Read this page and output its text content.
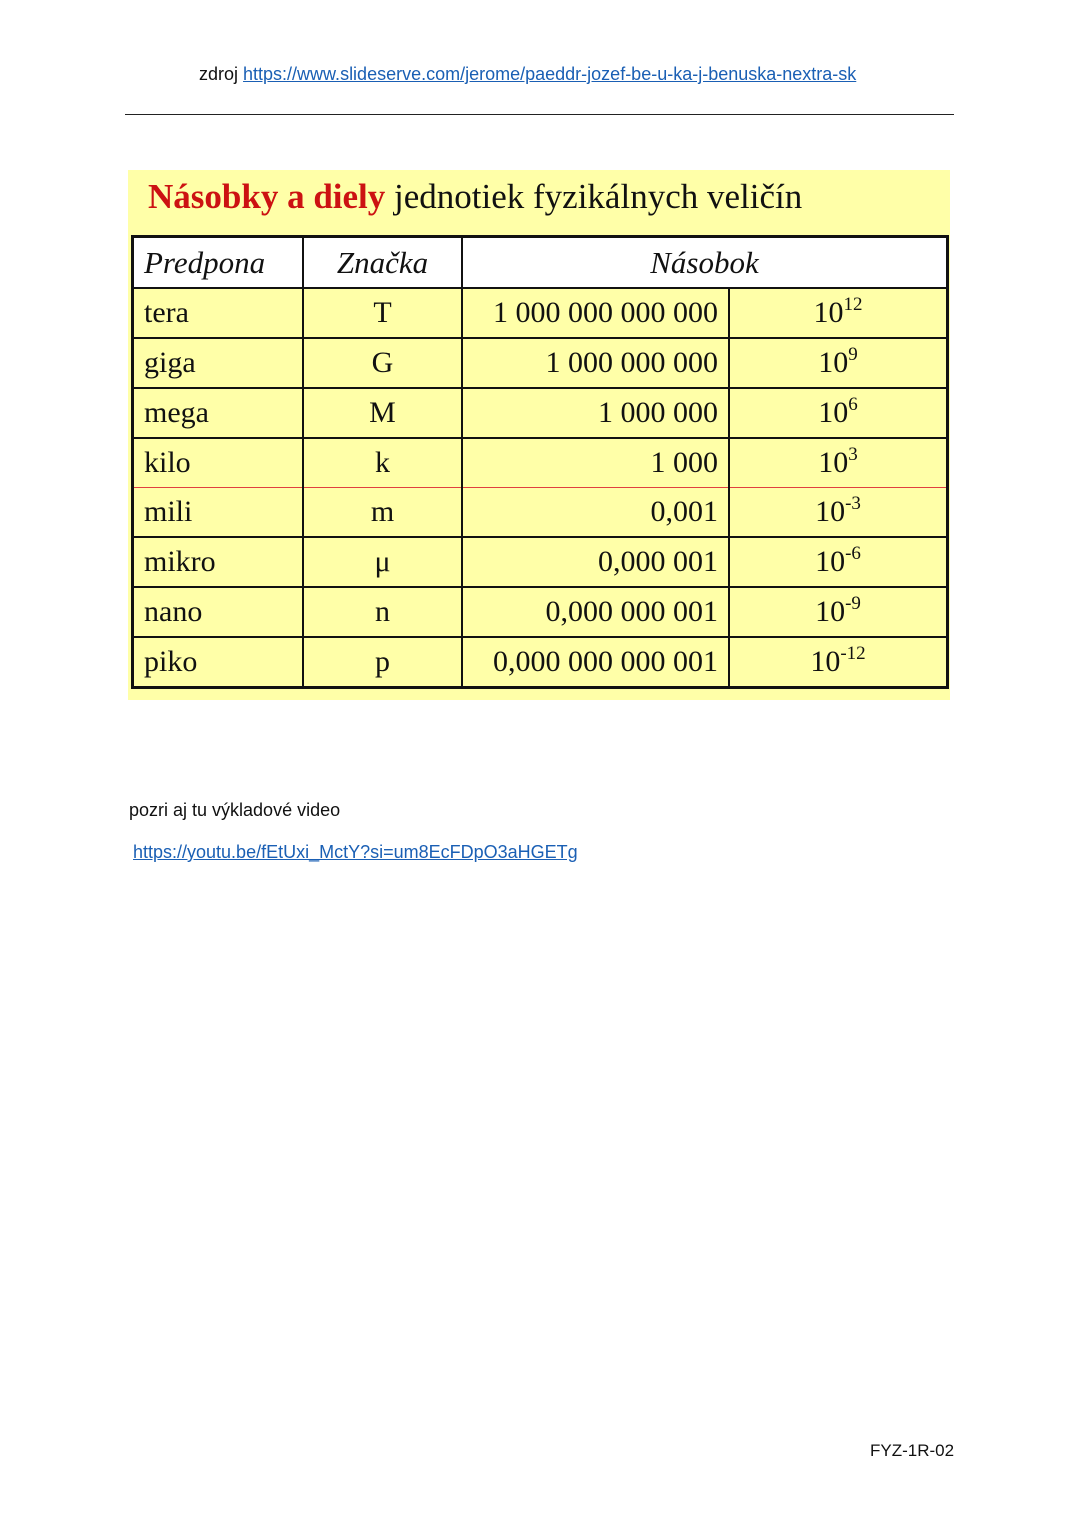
zdroj https://www.slideserve.com/jerome/paeddr-jozef-be-u-ka-j-benuska-nextra-sk
Násobky a diely jednotiek fyzikálnych veličín
Predpona	Značka	Násobok	
tera	T	1 000 000 000 000	$10^{12}$
giga	G	1 000 000 000	$10^9$
mega	M	1 000 000	$10^6$
kilo	k	1 000	$10^3$
mili	m	0,001	$10^{-3}$
mikro	μ	0,000 001	$10^{-6}$
nano	n	0,000 000 001	$10^{-9}$
piko	p	0,000 000 000 001	$10^{-12}$
pozri aj tu výkladové video
https://youtu.be/fEtUxi_MctY?si=um8EcFDpO3aHGETg
FYZ-1R-02
